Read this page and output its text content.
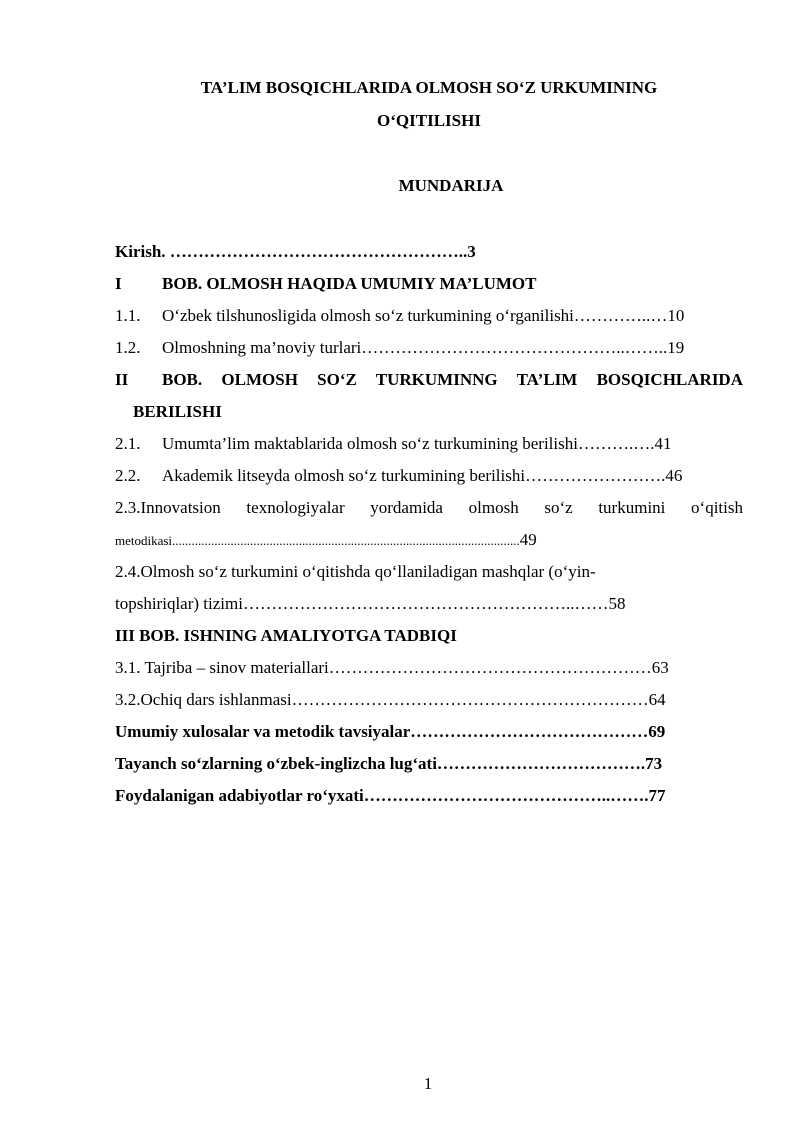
TA’LIM BOSQICHLARIDA OLMOSH SO‘Z URKUMINING
O‘QITILISHI
MUNDARIJA
Kirish. ……………………………………………..3
I BOB. OLMOSH HAQIDA UMUMIY MA’LUMOT
1.1. O‘zbek tilshunosligida olmosh so‘z turkumining o‘rganilishi…………..…10
1.2. Olmoshning ma’noviy turlari………………………………………..……..19
II BOB. OLMOSH SO‘Z TURKUMINNG TA’LIM BOSQICHLARIDA
BERILISHI
2.1. Umumta’lim maktablarida olmosh so‘z turkumining berilishi……….….41
2.2. Akademik litseyda olmosh so‘z turkumining berilishi…………………….46
2.3.Innovatsion texnologiyalar yordamida olmosh so‘z turkumini o‘qitish
metodikasi...........................................................................................................49
2.4.Olmosh so‘z turkumini o‘qitishda qo‘llaniladigan mashqlar (o‘yin-
topshiriqlar) tizimi…………………………………………………..……58
III BOB. ISHNING AMALIYOTGA TADBIQI
3.1. Tajriba – sinov materiallari…………………………………………………63
3.2.Ochiq dars ishlanmasi………………………………………………………64
Umumiy xulosalar va metodik tavsiyalar……………………………………69
Tayanch so‘zlarning o‘zbek-inglizcha lug‘ati……………………………….73
Foydalanigan adabiyotlar ro‘yxati……………………………………..…….77
1
